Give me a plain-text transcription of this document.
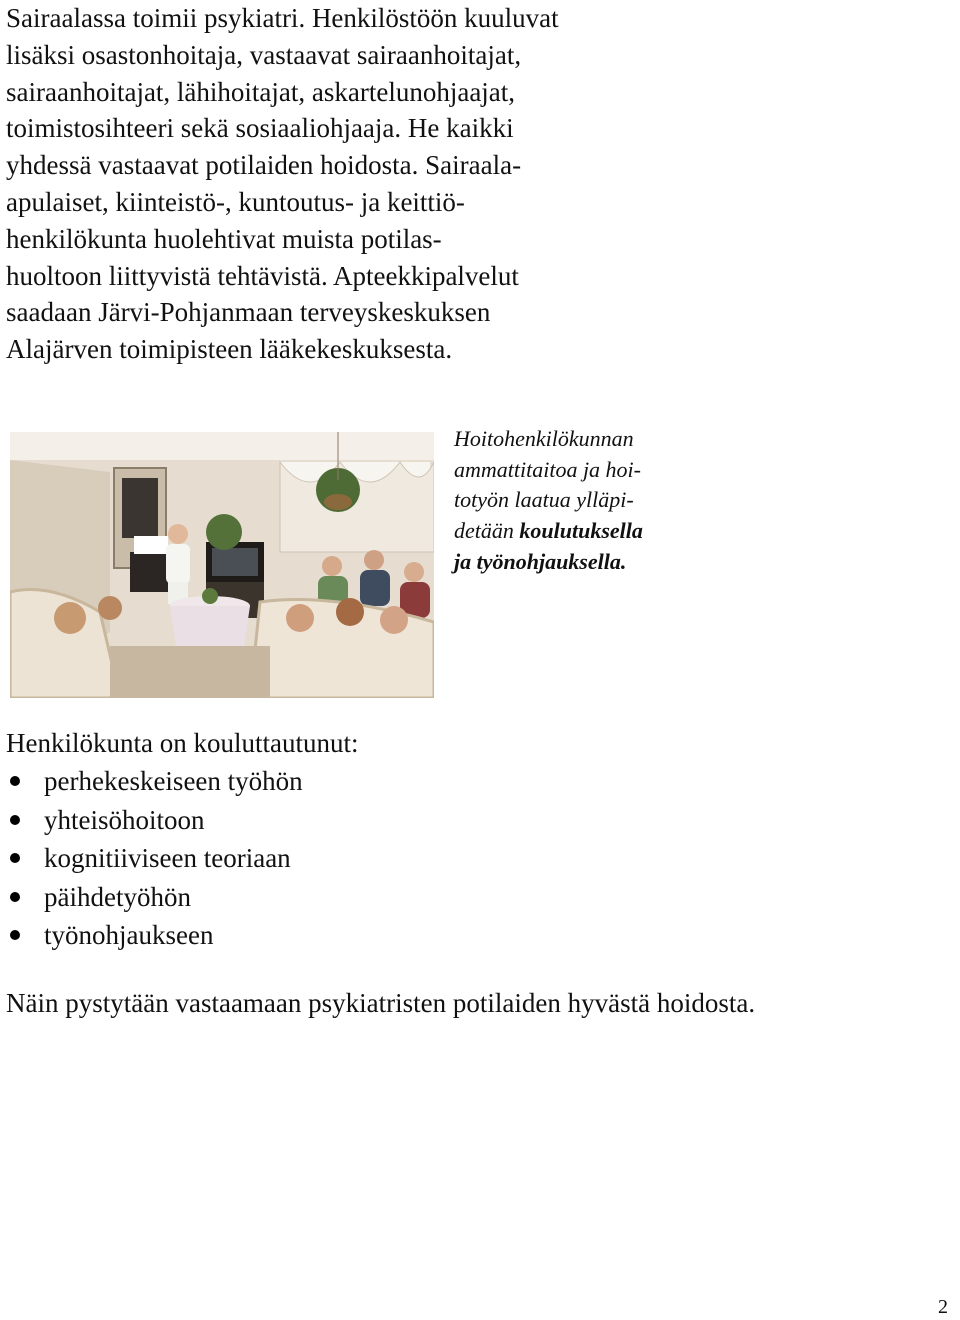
Sairaalassa toimii psykiatri. Henkilöstöön kuuluvat
lisäksi osastonhoitaja, vastaavat sairaanhoitajat,
sairaanhoitajat, lähihoitajat, askartelunohjaajat,
toimistosihteeri sekä sosiaaliohjaaja. He kaikki
yhdessä vastaavat potilaiden hoidosta. Sairaala-
apulaiset, kiinteistö-, kuntoutus- ja keittiö-
henkilökunta huolehtivat muista potilas-
huoltoon liittyvistä tehtävistä. Apteekkipalvelut
saadaan Järvi-Pohjanmaan terveyskeskuksen
Alajärven toimipisteen lääkekeskuksesta.
Hoitohenkilökunnan
ammattitaitoa ja hoi-
totyön laatua ylläpi-
detään koulutuksella
ja työnohjauksella.
Henkilökunta on kouluttautunut:
perhekeskeiseen työhön
yhteisöhoitoon
kognitiiviseen teoriaan
päihdetyöhön
työnohjaukseen
Näin pystytään vastaamaan psykiatristen potilaiden hyvästä hoidosta.
2
